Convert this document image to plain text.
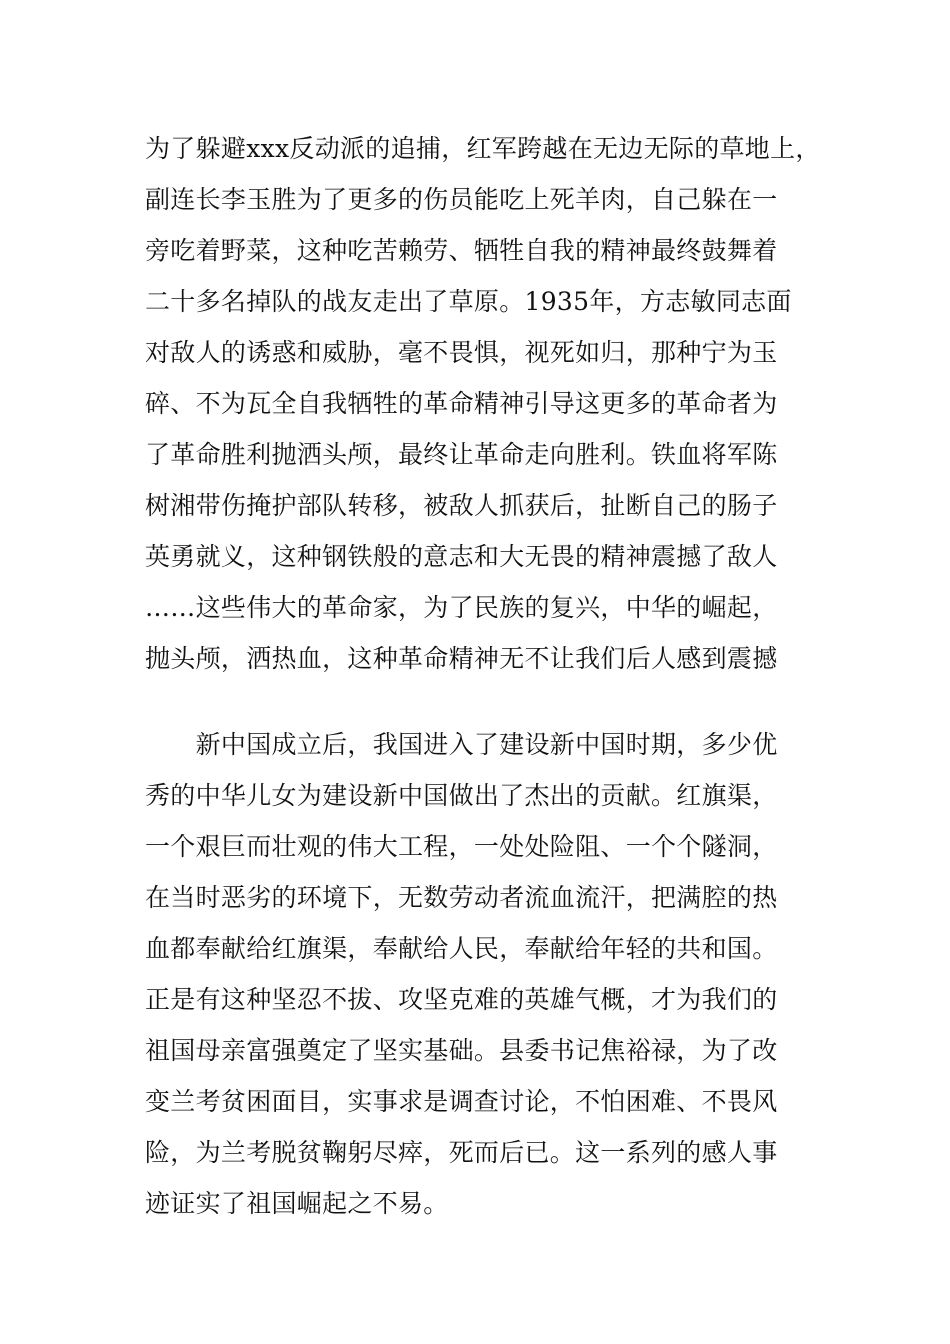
为了躲避xxx反动派的追捕，红军跨越在无边无际的草地上，
副连长李玉胜为了更多的伤员能吃上死羊肉，自己躲在一
旁吃着野菜，这种吃苦赖劳、牺牲自我的精神最终鼓舞着
二十多名掉队的战友走出了草原。1935年，方志敏同志面
对敌人的诱惑和威胁，毫不畏惧，视死如归，那种宁为玉
碎、不为瓦全自我牺牲的革命精神引导这更多的革命者为
了革命胜利抛洒头颅，最终让革命走向胜利。铁血将军陈
树湘带伤掩护部队转移，被敌人抓获后，扯断自己的肠子
英勇就义，这种钢铁般的意志和大无畏的精神震撼了敌人
……这些伟大的革命家，为了民族的复兴，中华的崛起，
抛头颅，洒热血，这种革命精神无不让我们后人感到震撼
　　新中国成立后，我国进入了建设新中国时期，多少优
秀的中华儿女为建设新中国做出了杰出的贡献。红旗渠，
一个艰巨而壮观的伟大工程，一处处险阻、一个个隧洞，
在当时恶劣的环境下，无数劳动者流血流汗，把满腔的热
血都奉献给红旗渠，奉献给人民，奉献给年轻的共和国。
正是有这种坚忍不拔、攻坚克难的英雄气概，才为我们的
祖国母亲富强奠定了坚实基础。县委书记焦裕禄，为了改
变兰考贫困面目，实事求是调查讨论，不怕困难、不畏风
险，为兰考脱贫鞠躬尽瘁，死而后已。这一系列的感人事
迹证实了祖国崛起之不易。
